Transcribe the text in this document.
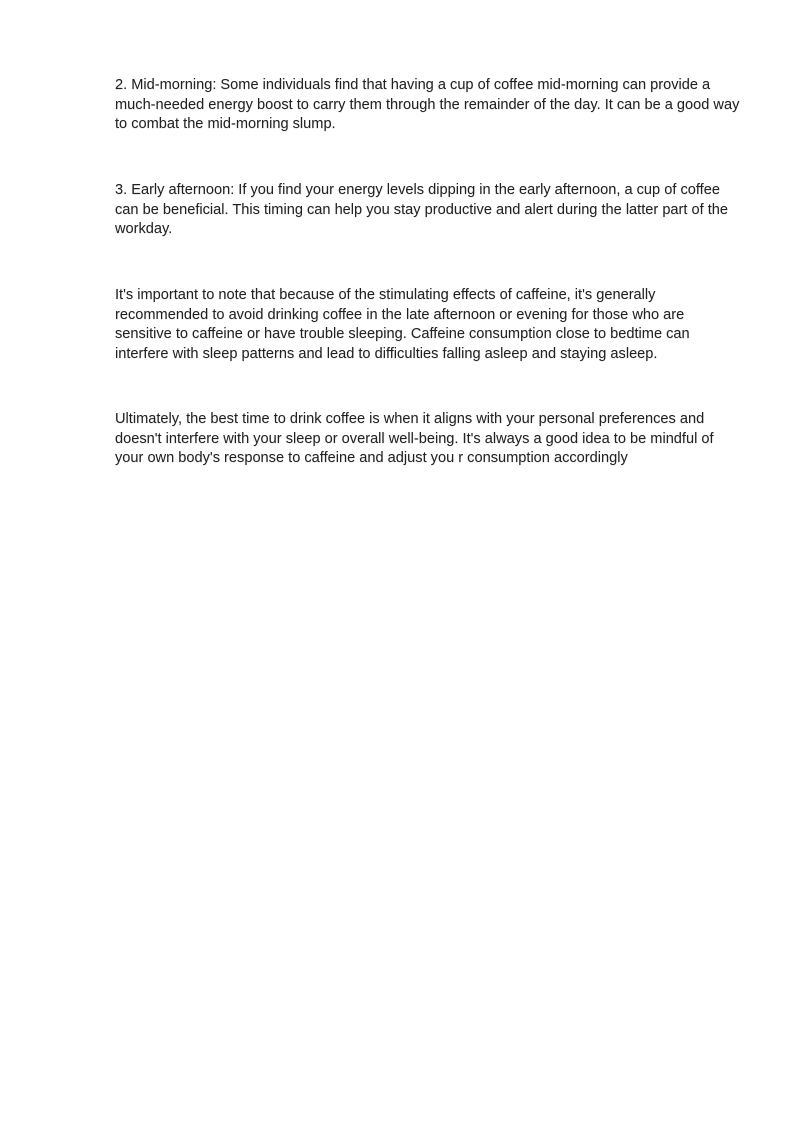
2. Mid-morning: Some individuals find that having a cup of coffee mid-morning can provide a much-needed energy boost to carry them through the remainder of the day. It can be a good way to combat the mid-morning slump.

3. Early afternoon: If you find your energy levels dipping in the early afternoon, a cup of coffee can be beneficial. This timing can help you stay productive and alert during the latter part of the workday.

It's important to note that because of the stimulating effects of caffeine, it's generally recommended to avoid drinking coffee in the late afternoon or evening for those who are sensitive to caffeine or have trouble sleeping. Caffeine consumption close to bedtime can interfere with sleep patterns and lead to difficulties falling asleep and staying asleep.

Ultimately, the best time to drink coffee is when it aligns with your personal preferences and doesn't interfere with your sleep or overall well-being. It's always a good idea to be mindful of your own body's response to caffeine and adjust you r consumption accordingly
